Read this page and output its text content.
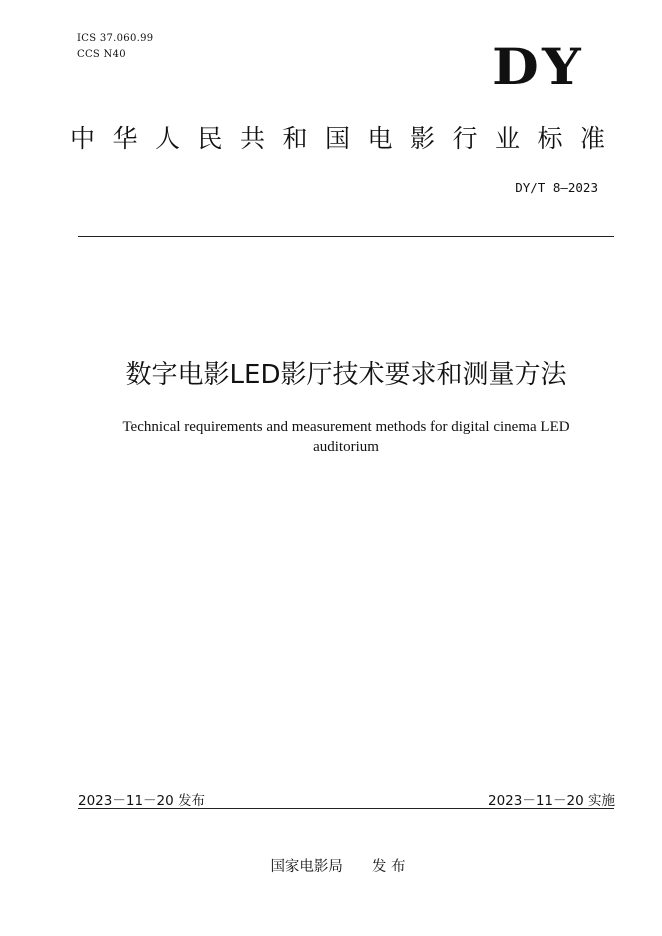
ICS 37.060.99
CCS N40	DY
中华人民共和国电影行业标准
DY/T 8—2023
数字电影LED影厅技术要求和测量方法
Technical requirements and measurement methods for digital cinema LED auditorium
2023－11－20 发布	2023－11－20 实施
国家电影局　　发 布
